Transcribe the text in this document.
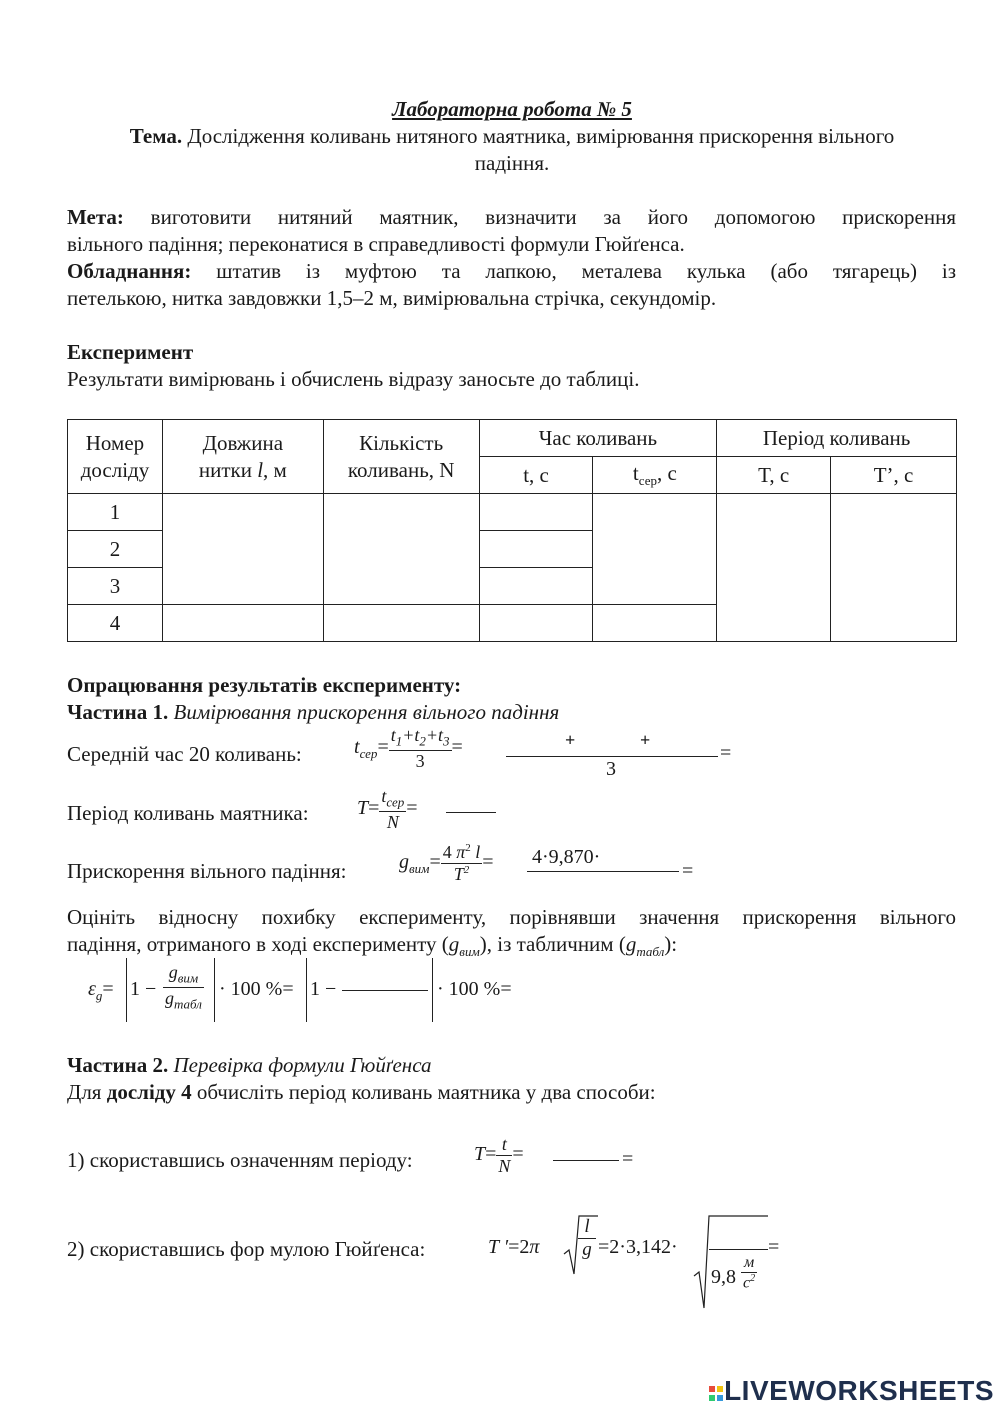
Лабораторна робота № 5
Тема. Дослідження коливань нитяного маятника, вимірювання прискорення вільного
падіння.
Мета: виготовити нитяний маятник, визначити за його допомогою прискорення
вільного падіння; переконатися в справедливості формули Гюйґенса.
Обладнання: штатив із муфтою та лапкою, металева кулька (або тягарець) із
петелькою, нитка завдовжки 1,5–2 м, вимірювальна стрічка, секундомір.
Експеримент
Результати вимірювань і обчислень відразу заносьте до таблиці.
Номер
досліду	Довжина
нитки l, м	Кількість
коливань, N	Час коливань		Період коливань	
			t, с	$t_{сер}$, с	T, с	T’, с
1						
2						
3						
4						
Опрацювання результатів експерименту:
Частина 1. Вимірювання прискорення вільного падіння
Середній час 20 коливань:	$t_{сер}= \frac{t_1+t_2+t_3}{3}$ =	+	+
3
=
Період коливань маятника: $T= \frac{t_{сер}}{N}$ =
Прискорення вільного падіння:	$g_{вим}= \frac{4 \pi^2 l}{T^2} = 4\cdot 9,870\cdot$
=
Оцініть відносну похибку експерименту, порівнявши значення прискорення вільного
падіння, отриманого в ході експерименту $(g_{вим})$, із табличним $(g_{табл})$:
$\varepsilon_g= 1$ −
$g_{вим}$
$g_{табл}$
· 100 %= 1 −	· 100 %=
Частина 2. Перевірка формули Гюйґенса
Для досліду 4 обчисліть період коливань маятника у два способи:
1) скориставшись означенням періоду:	$T= \frac{t}{N}$ =	=
2) скориставшись фор мулою Гюйґенса:	T $'=2\pi \frac{l}{g} =2\cdot 3,142\cdot$
9,8
м
$с^2$
=
LIVEWORKSHEETS
